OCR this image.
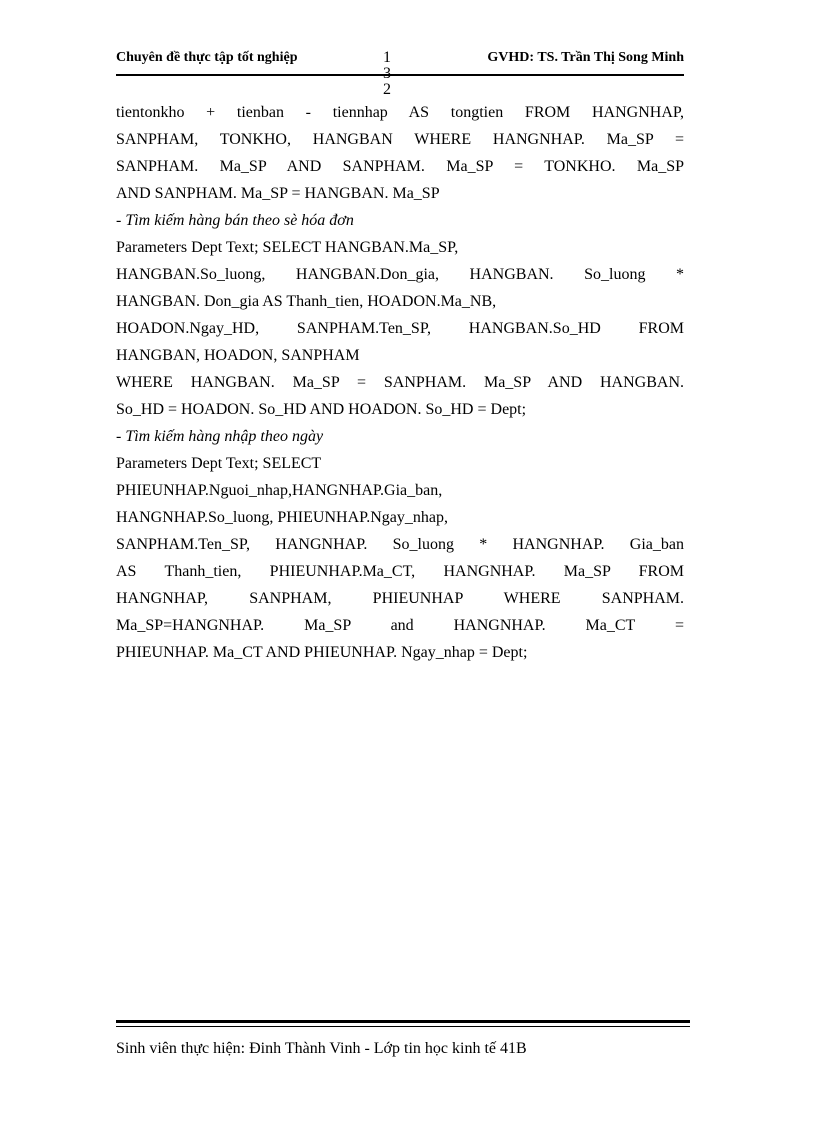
Chuyên đề thực tập tốt nghiệp	GVHD: TS. Trần Thị Song Minh
1
3
2

tientonkho + tienban - tiennhap AS tongtien FROM HANGNHAP,

SANPHAM, TONKHO, HANGBAN WHERE HANGNHAP. Ma_SP =

SANPHAM. Ma_SP AND SANPHAM. Ma_SP = TONKHO. Ma_SP

AND SANPHAM. Ma_SP = HANGBAN. Ma_SP

- Tìm kiếm hàng bán theo sè hóa đơn

Parameters Dept Text; SELECT HANGBAN.Ma_SP,

HANGBAN.So_luong, HANGBAN.Don_gia, HANGBAN. So_luong *

HANGBAN. Don_gia AS Thanh_tien, HOADON.Ma_NB,

HOADON.Ngay_HD, SANPHAM.Ten_SP, HANGBAN.So_HD FROM

HANGBAN, HOADON, SANPHAM

WHERE HANGBAN. Ma_SP = SANPHAM. Ma_SP AND HANGBAN.

So_HD = HOADON. So_HD AND HOADON. So_HD = Dept;

- Tìm kiếm hàng nhập theo ngày

Parameters Dept Text; SELECT

PHIEUNHAP.Nguoi_nhap,HANGNHAP.Gia_ban,

HANGNHAP.So_luong, PHIEUNHAP.Ngay_nhap,

SANPHAM.Ten_SP, HANGNHAP. So_luong * HANGNHAP. Gia_ban

AS Thanh_tien, PHIEUNHAP.Ma_CT, HANGNHAP. Ma_SP FROM

HANGNHAP, SANPHAM, PHIEUNHAP WHERE SANPHAM.

Ma_SP=HANGNHAP. Ma_SP and HANGNHAP. Ma_CT =

PHIEUNHAP. Ma_CT AND PHIEUNHAP. Ngay_nhap = Dept;

Sinh viên thực hiện: Đinh Thành Vinh - Lớp tin học kinh tế 41B
